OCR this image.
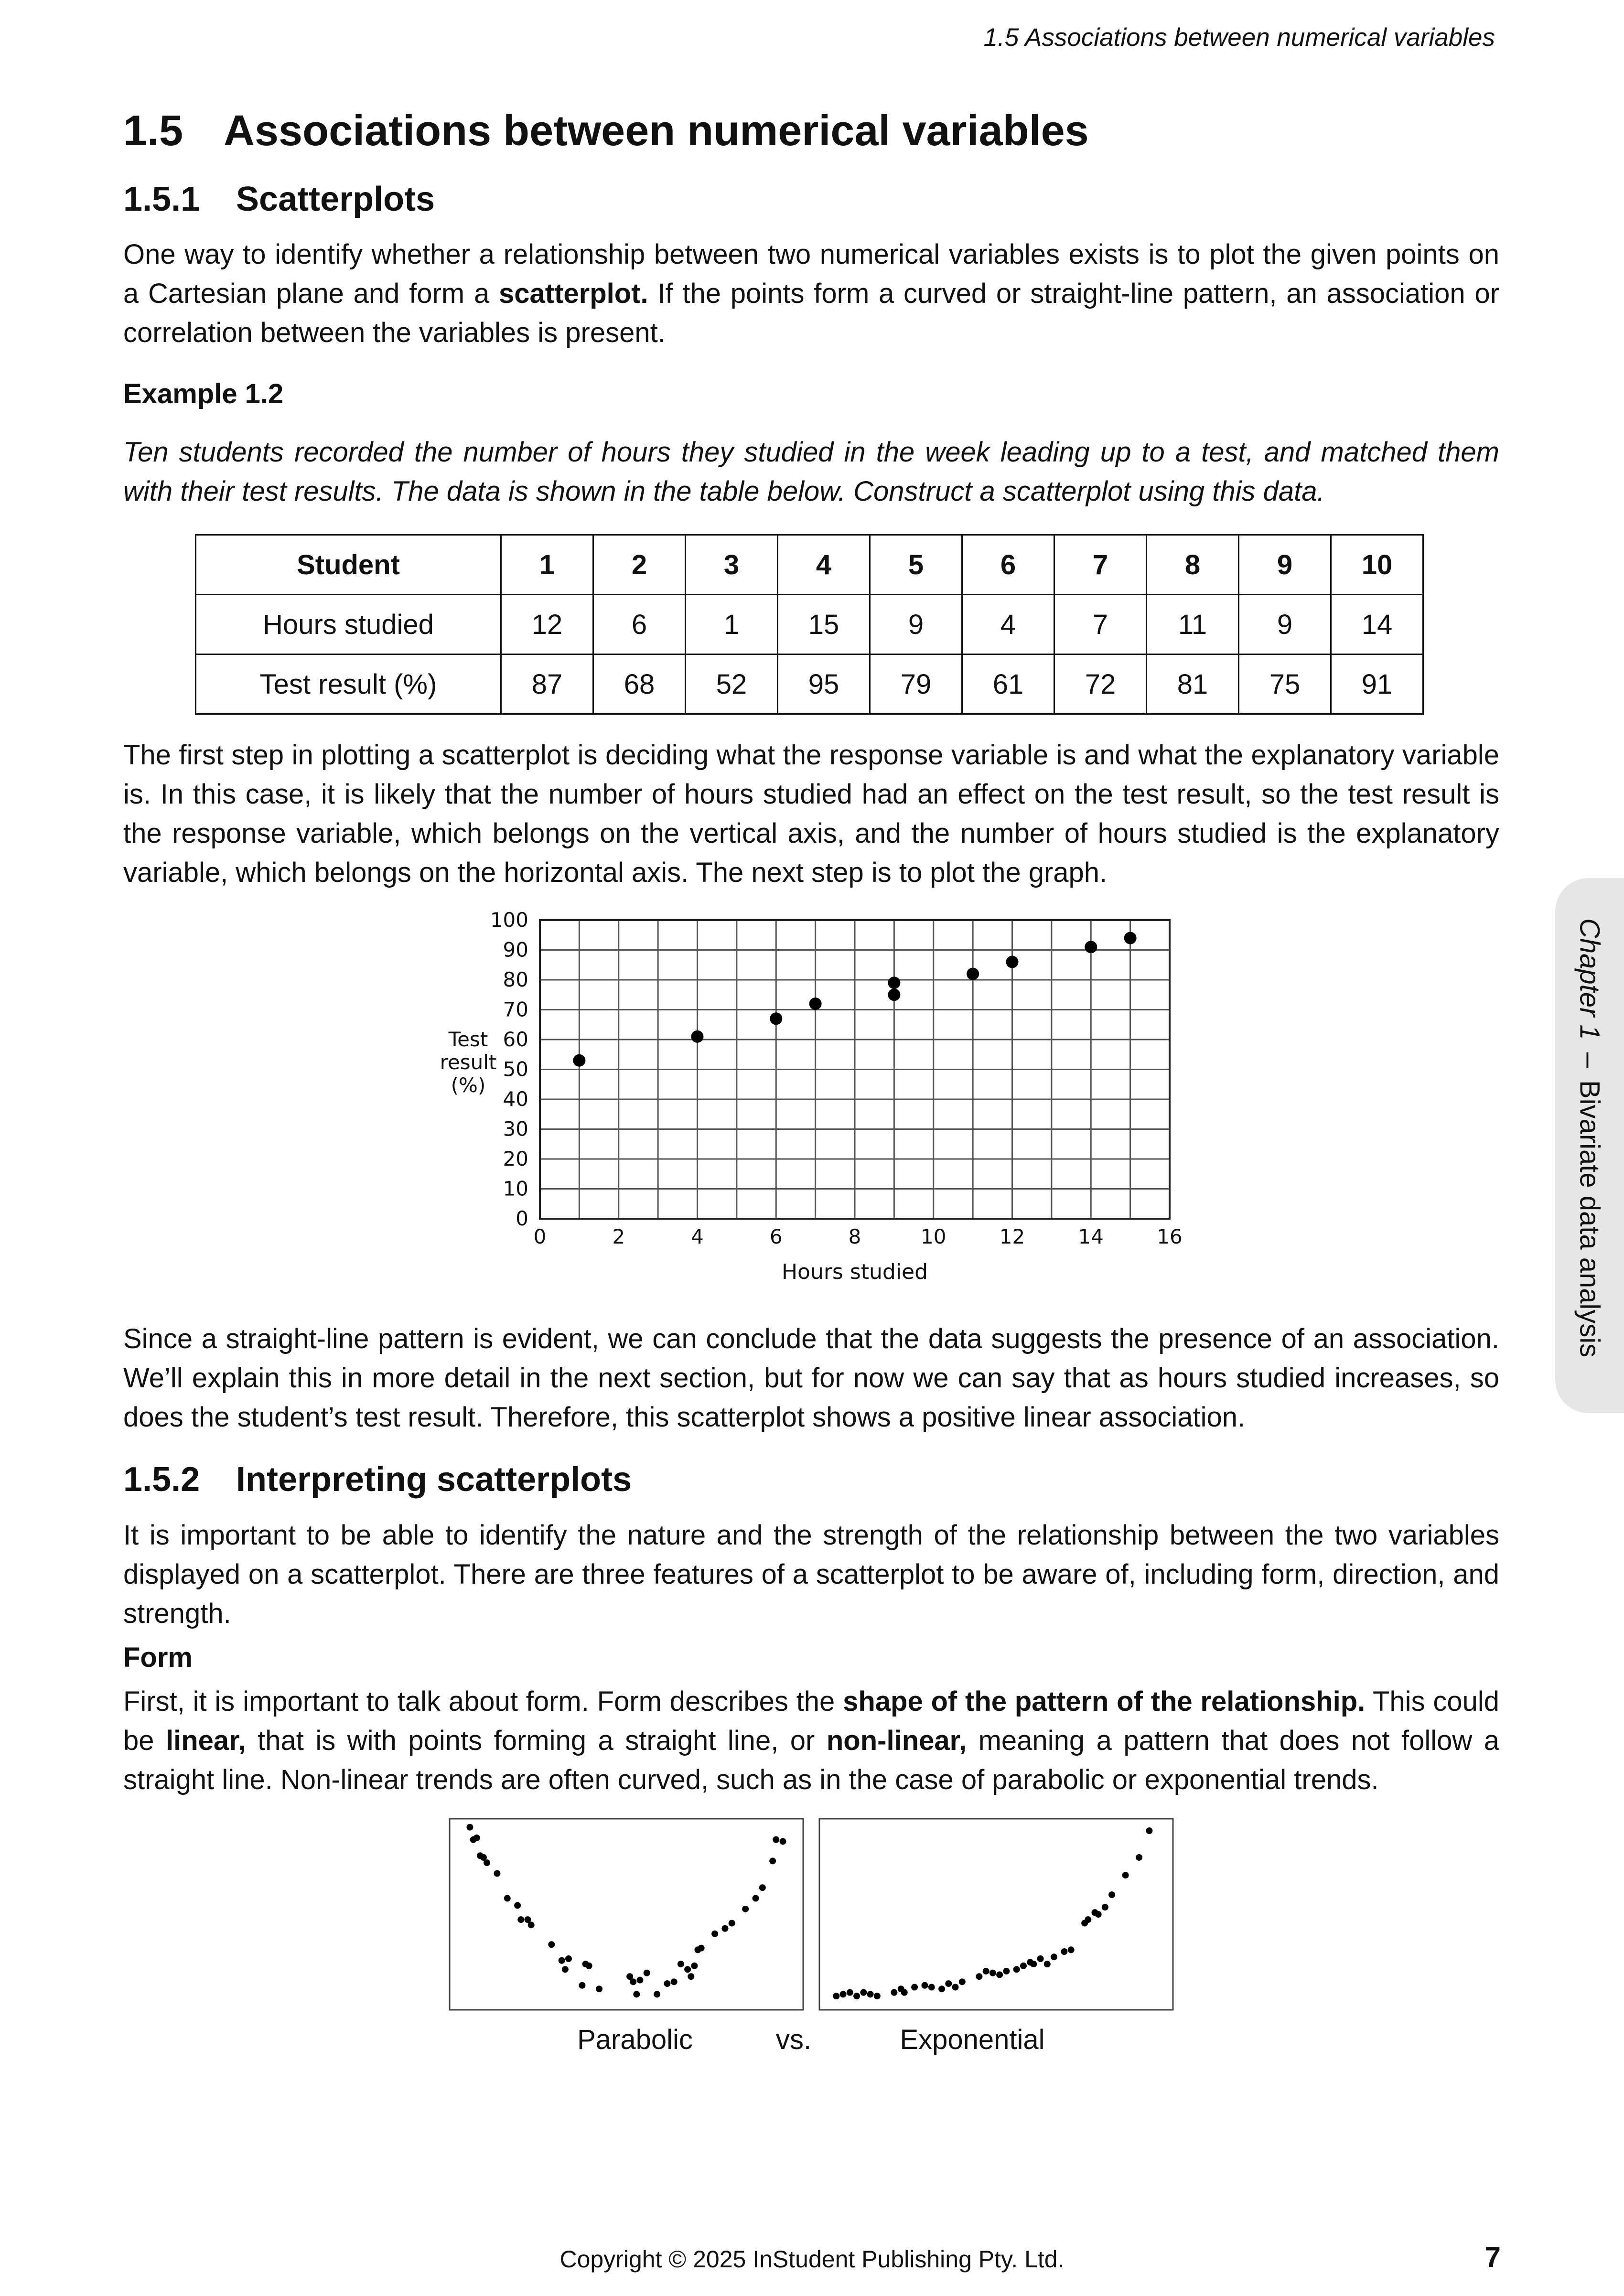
1.5 Associations between numerical variables
1.5 Associations between numerical variables
1.5.1 Scatterplots

One way to identify whether a relationship between two numerical variables exists is to plot the given points on a Cartesian plane and form a scatterplot. If the points form a curved or straight-line pattern, an association or correlation between the variables is present.

Example 1.2

Ten students recorded the number of hours they studied in the week leading up to a test, and matched them with their test results. The data is shown in the table below. Construct a scatterplot using this data.

Student	1	2	3	4	5	6	7	8	9	10
Hours studied	12	6	1	15	9	4	7	11	9	14
Test result (%)	87	68	52	95	79	61	72	81	75	91

The first step in plotting a scatterplot is deciding what the response variable is and what the explanatory variable is. In this case, it is likely that the number of hours studied had an effect on the test result, so the test result is the response variable, which belongs on the vertical axis, and the number of hours studied is the explanatory variable, which belongs on the horizontal axis. The next step is to plot the graph.

0
10
20
30
40
50
60
70
80
90
100
0	2	4	6	8	10	12	14	16
Hours studied
Test
result
(%)

Since a straight-line pattern is evident, we can conclude that the data suggests the presence of an association. We’ll explain this in more detail in the next section, but for now we can say that as hours studied increases, so does the student’s test result. Therefore, this scatterplot shows a positive linear association.

1.5.2 Interpreting scatterplots

It is important to be able to identify the nature and the strength of the relationship between the two variables displayed on a scatterplot. There are three features of a scatterplot to be aware of, including form, direction, and strength.

Form

First, it is important to talk about form. Form describes the shape of the pattern of the relationship. This could be linear, that is with points forming a straight line, or non-linear, meaning a pattern that does not follow a straight line. Non-linear trends are often curved, such as in the case of parabolic or exponential trends.

Parabolic	vs.	Exponential
Chapter 1–Bivariate data analysis
Copyright © 2025 InStudent Publishing Pty. Ltd.	7
